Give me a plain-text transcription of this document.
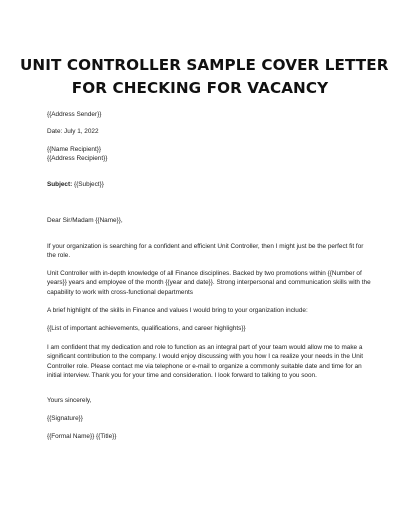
UNIT CONTROLLER SAMPLE COVER LETTER
FOR CHECKING FOR VACANCY
{{Address Sender}}
Date: July 1, 2022
{{Name Recipient}}
{{Address Recipient}}
Subject: {{Subject}}
Dear Sir/Madam {{Name}},
If your organization is searching for a confident and efficient Unit Controller, then I might just be the perfect fit for the role.
Unit Controller with in-depth knowledge of all Finance disciplines. Backed by two promotions within {{Number of years}} years and employee of the month {{year and date}}. Strong interpersonal and communication skills with the capability to work with cross-functional departments
A brief highlight of the skills in Finance and values I would bring to your organization include:
{{List of important achievements, qualifications, and career highlights}}
I am confident that my dedication and role to function as an integral part of your team would allow me to make a significant contribution to the company. I would enjoy discussing with you how I ca realize your needs in the Unit Controller role. Please contact me via telephone or e-mail to organize a commonly suitable date and time for an initial interview. Thank you for your time and consideration. I look forward to talking to you soon.
Yours sincerely,
{{Signature}}
{{Formal Name}} {{Title}}
